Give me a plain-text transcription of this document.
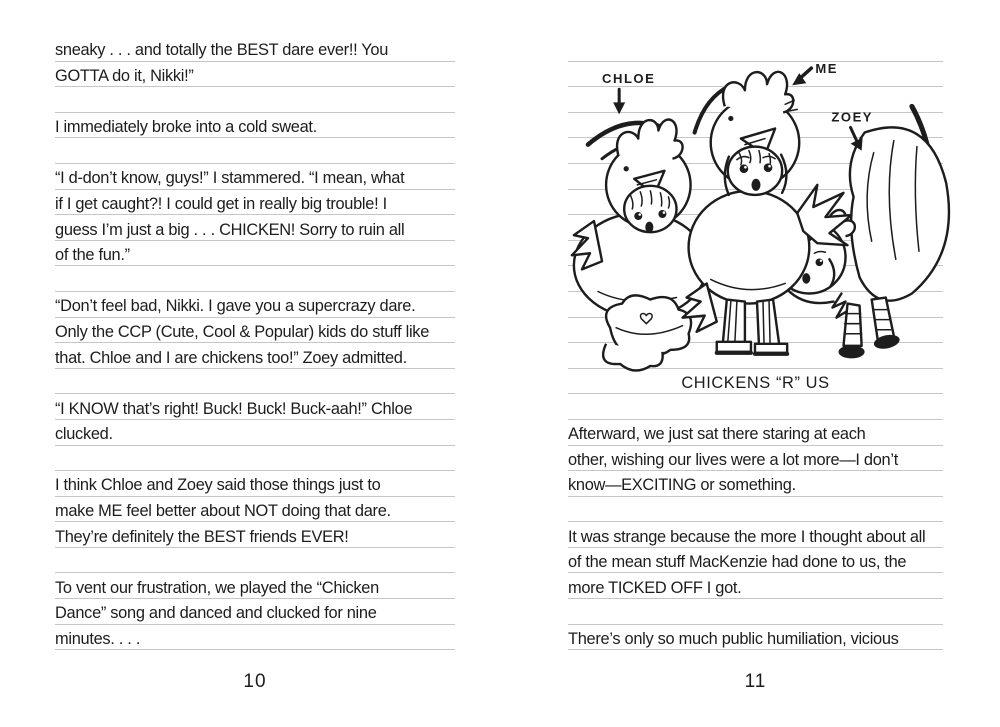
sneaky . . . and totally the BEST dare ever!! You
GOTTA do it, Nikki!”
I immediately broke into a cold sweat.
“I d-don’t know, guys!” I stammered. “I mean, what
if I get caught?! I could get in really big trouble! I
guess I’m just a big . . . CHICKEN! Sorry to ruin all
of the fun.”
“Don’t feel bad, Nikki. I gave you a supercrazy dare.
Only the CCP (Cute, Cool & Popular) kids do stuff like
that. Chloe and I are chickens too!” Zoey admitted.
“I KNOW that’s right! Buck! Buck! Buck-aah!” Chloe
clucked.
I think Chloe and Zoey said those things just to
make ME feel better about NOT doing that dare.
They’re definitely the BEST friends EVER!
To vent our frustration, we played the “Chicken
Dance” song and danced and clucked for nine
minutes. . . .
CHICKENS “R” US
Afterward, we just sat there staring at each
other, wishing our lives were a lot more—I don’t
know—EXCITING or something.
It was strange because the more I thought about all
of the mean stuff MacKenzie had done to us, the
more TICKED OFF I got.
There’s only so much public humiliation, vicious
CHLOE
ME
ZOEY
10	11
